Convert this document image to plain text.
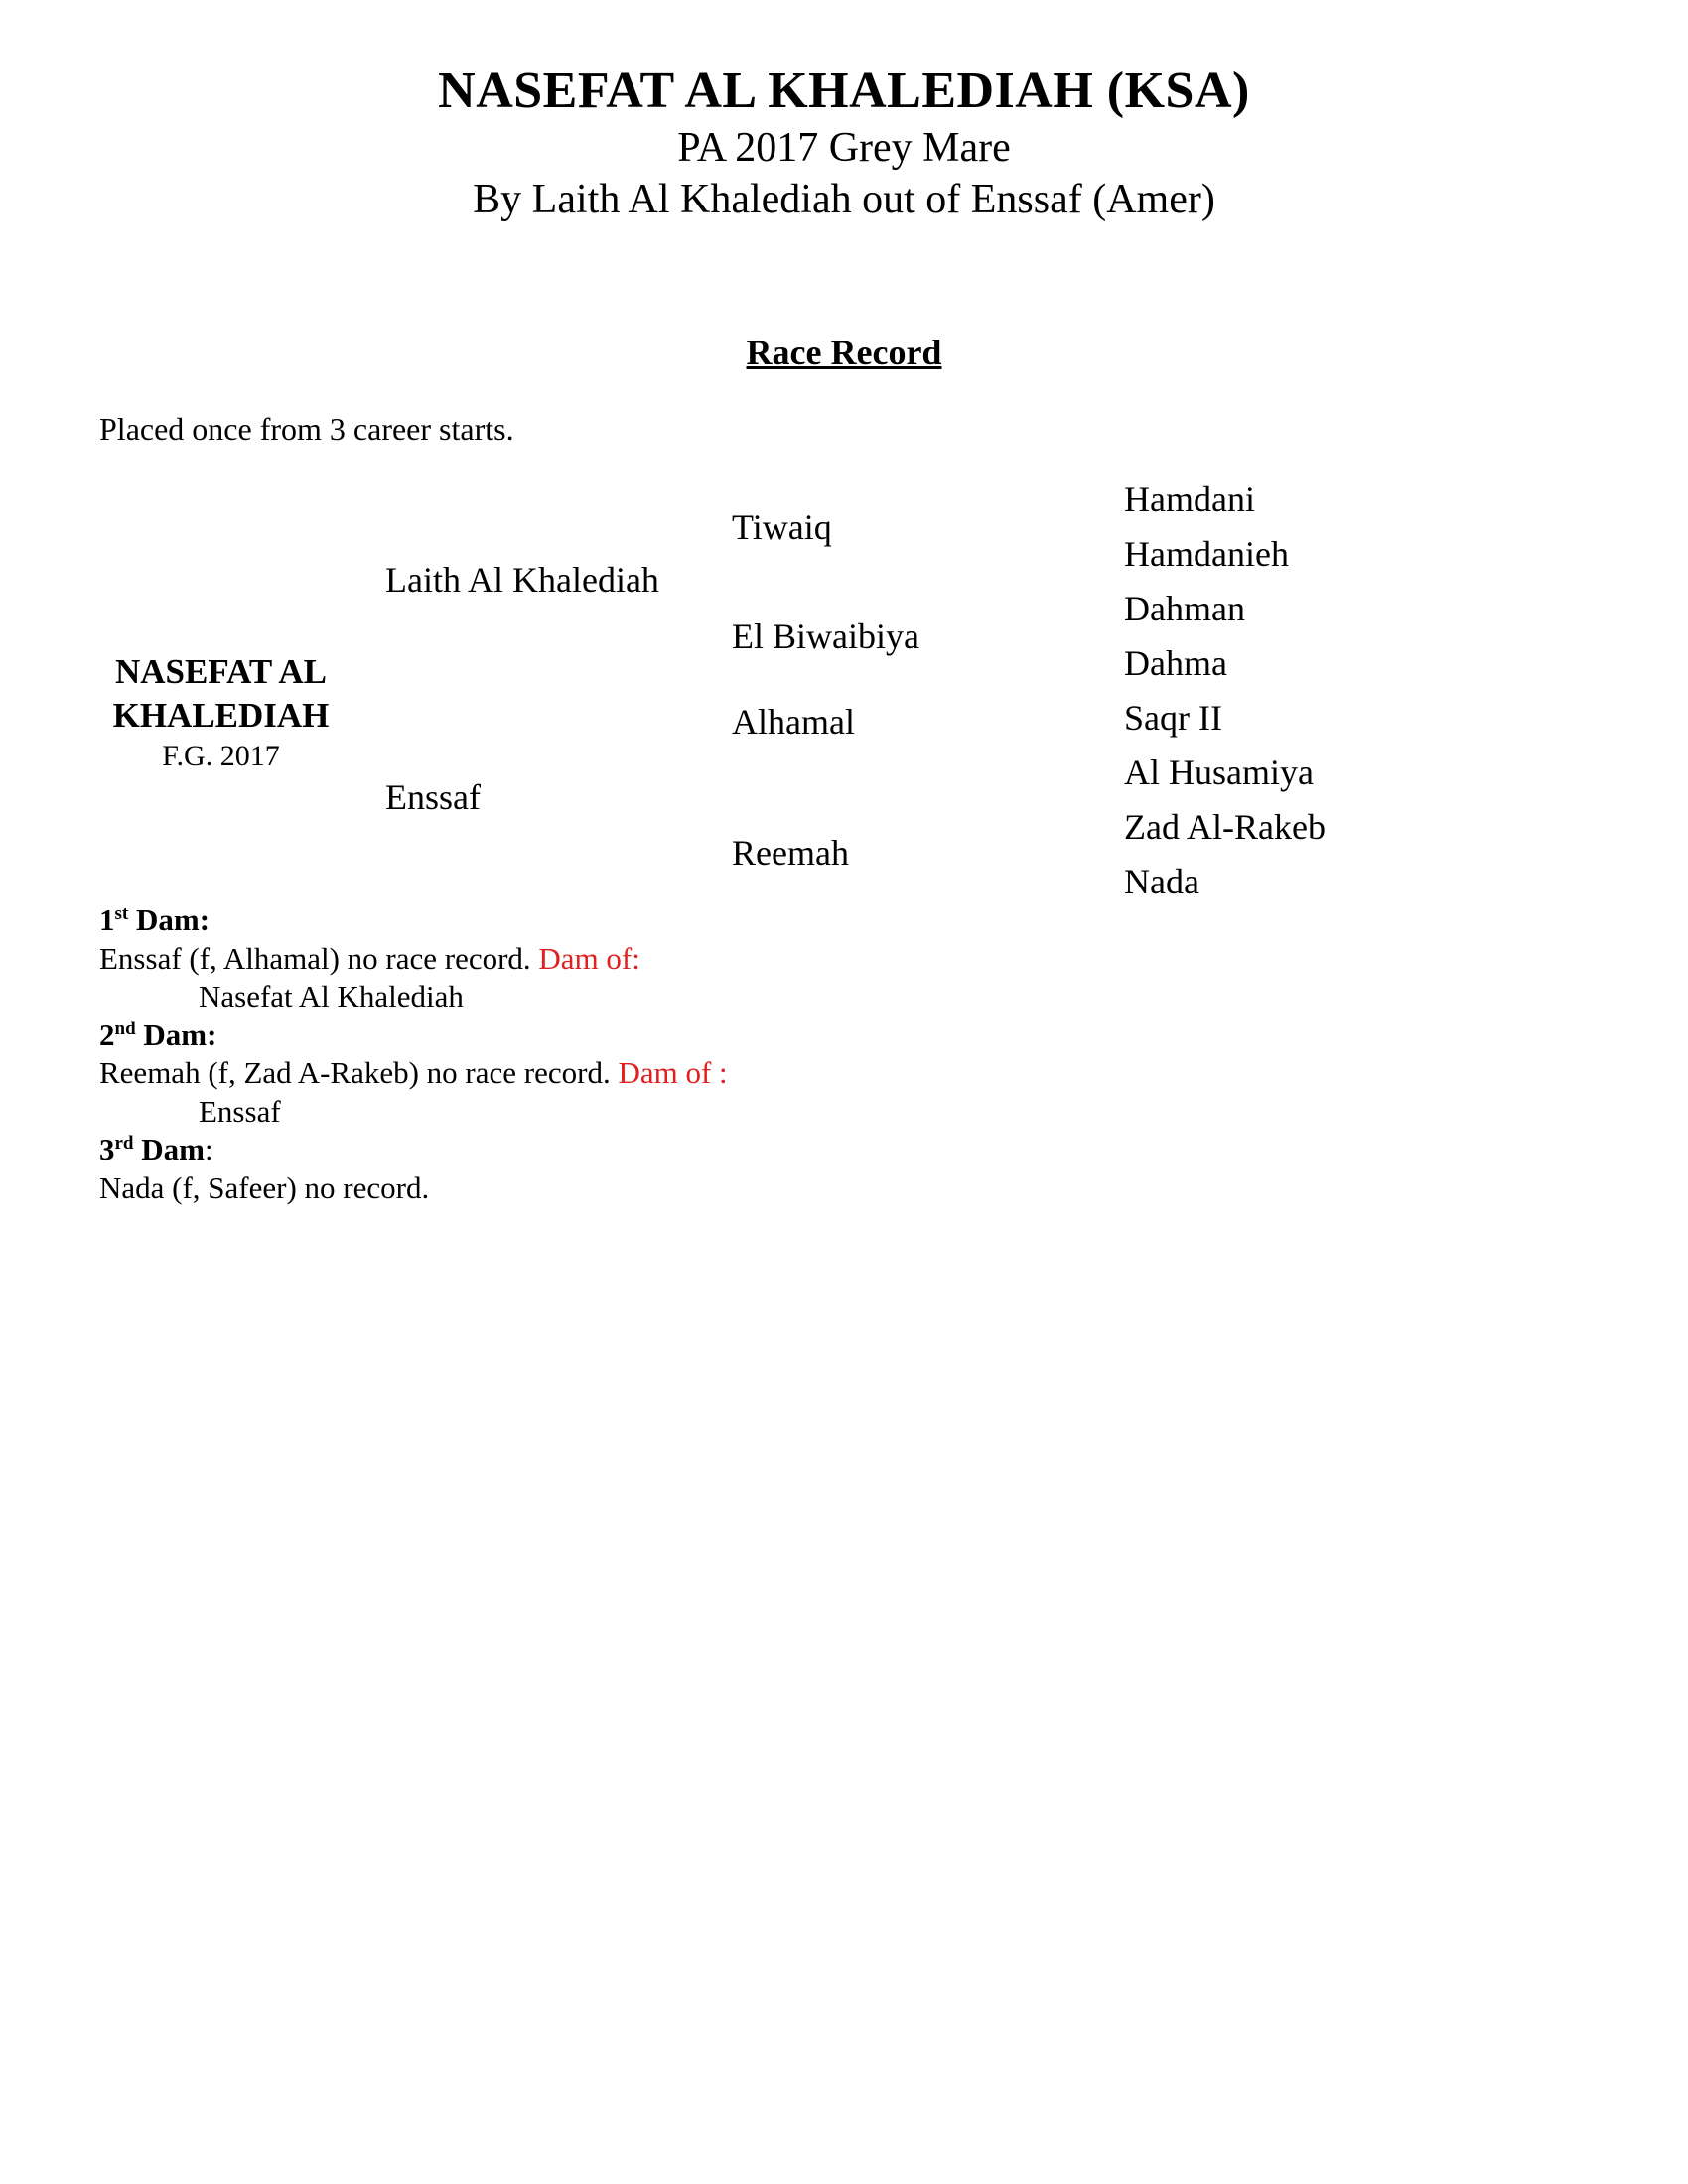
NASEFAT AL KHALEDIAH (KSA)
PA 2017 Grey Mare
By Laith Al Khalediah out of Enssaf (Amer)
Race Record
Placed once from 3 career starts.
NASEFAT AL
KHALEDIAH
F.G. 2017
Laith Al Khalediah
Enssaf
Tiwaiq
El Biwaibiya
Alhamal
Reemah
Hamdani
Hamdanieh
Dahman
Dahma
Saqr II
Al Husamiya
Zad Al-Rakeb
Nada
1st Dam:
Enssaf (f, Alhamal) no race record. Dam of:
Nasefat Al Khalediah
2nd Dam:
Reemah (f, Zad A-Rakeb) no race record. Dam of :
Enssaf
3rd Dam:
Nada (f, Safeer) no record.
